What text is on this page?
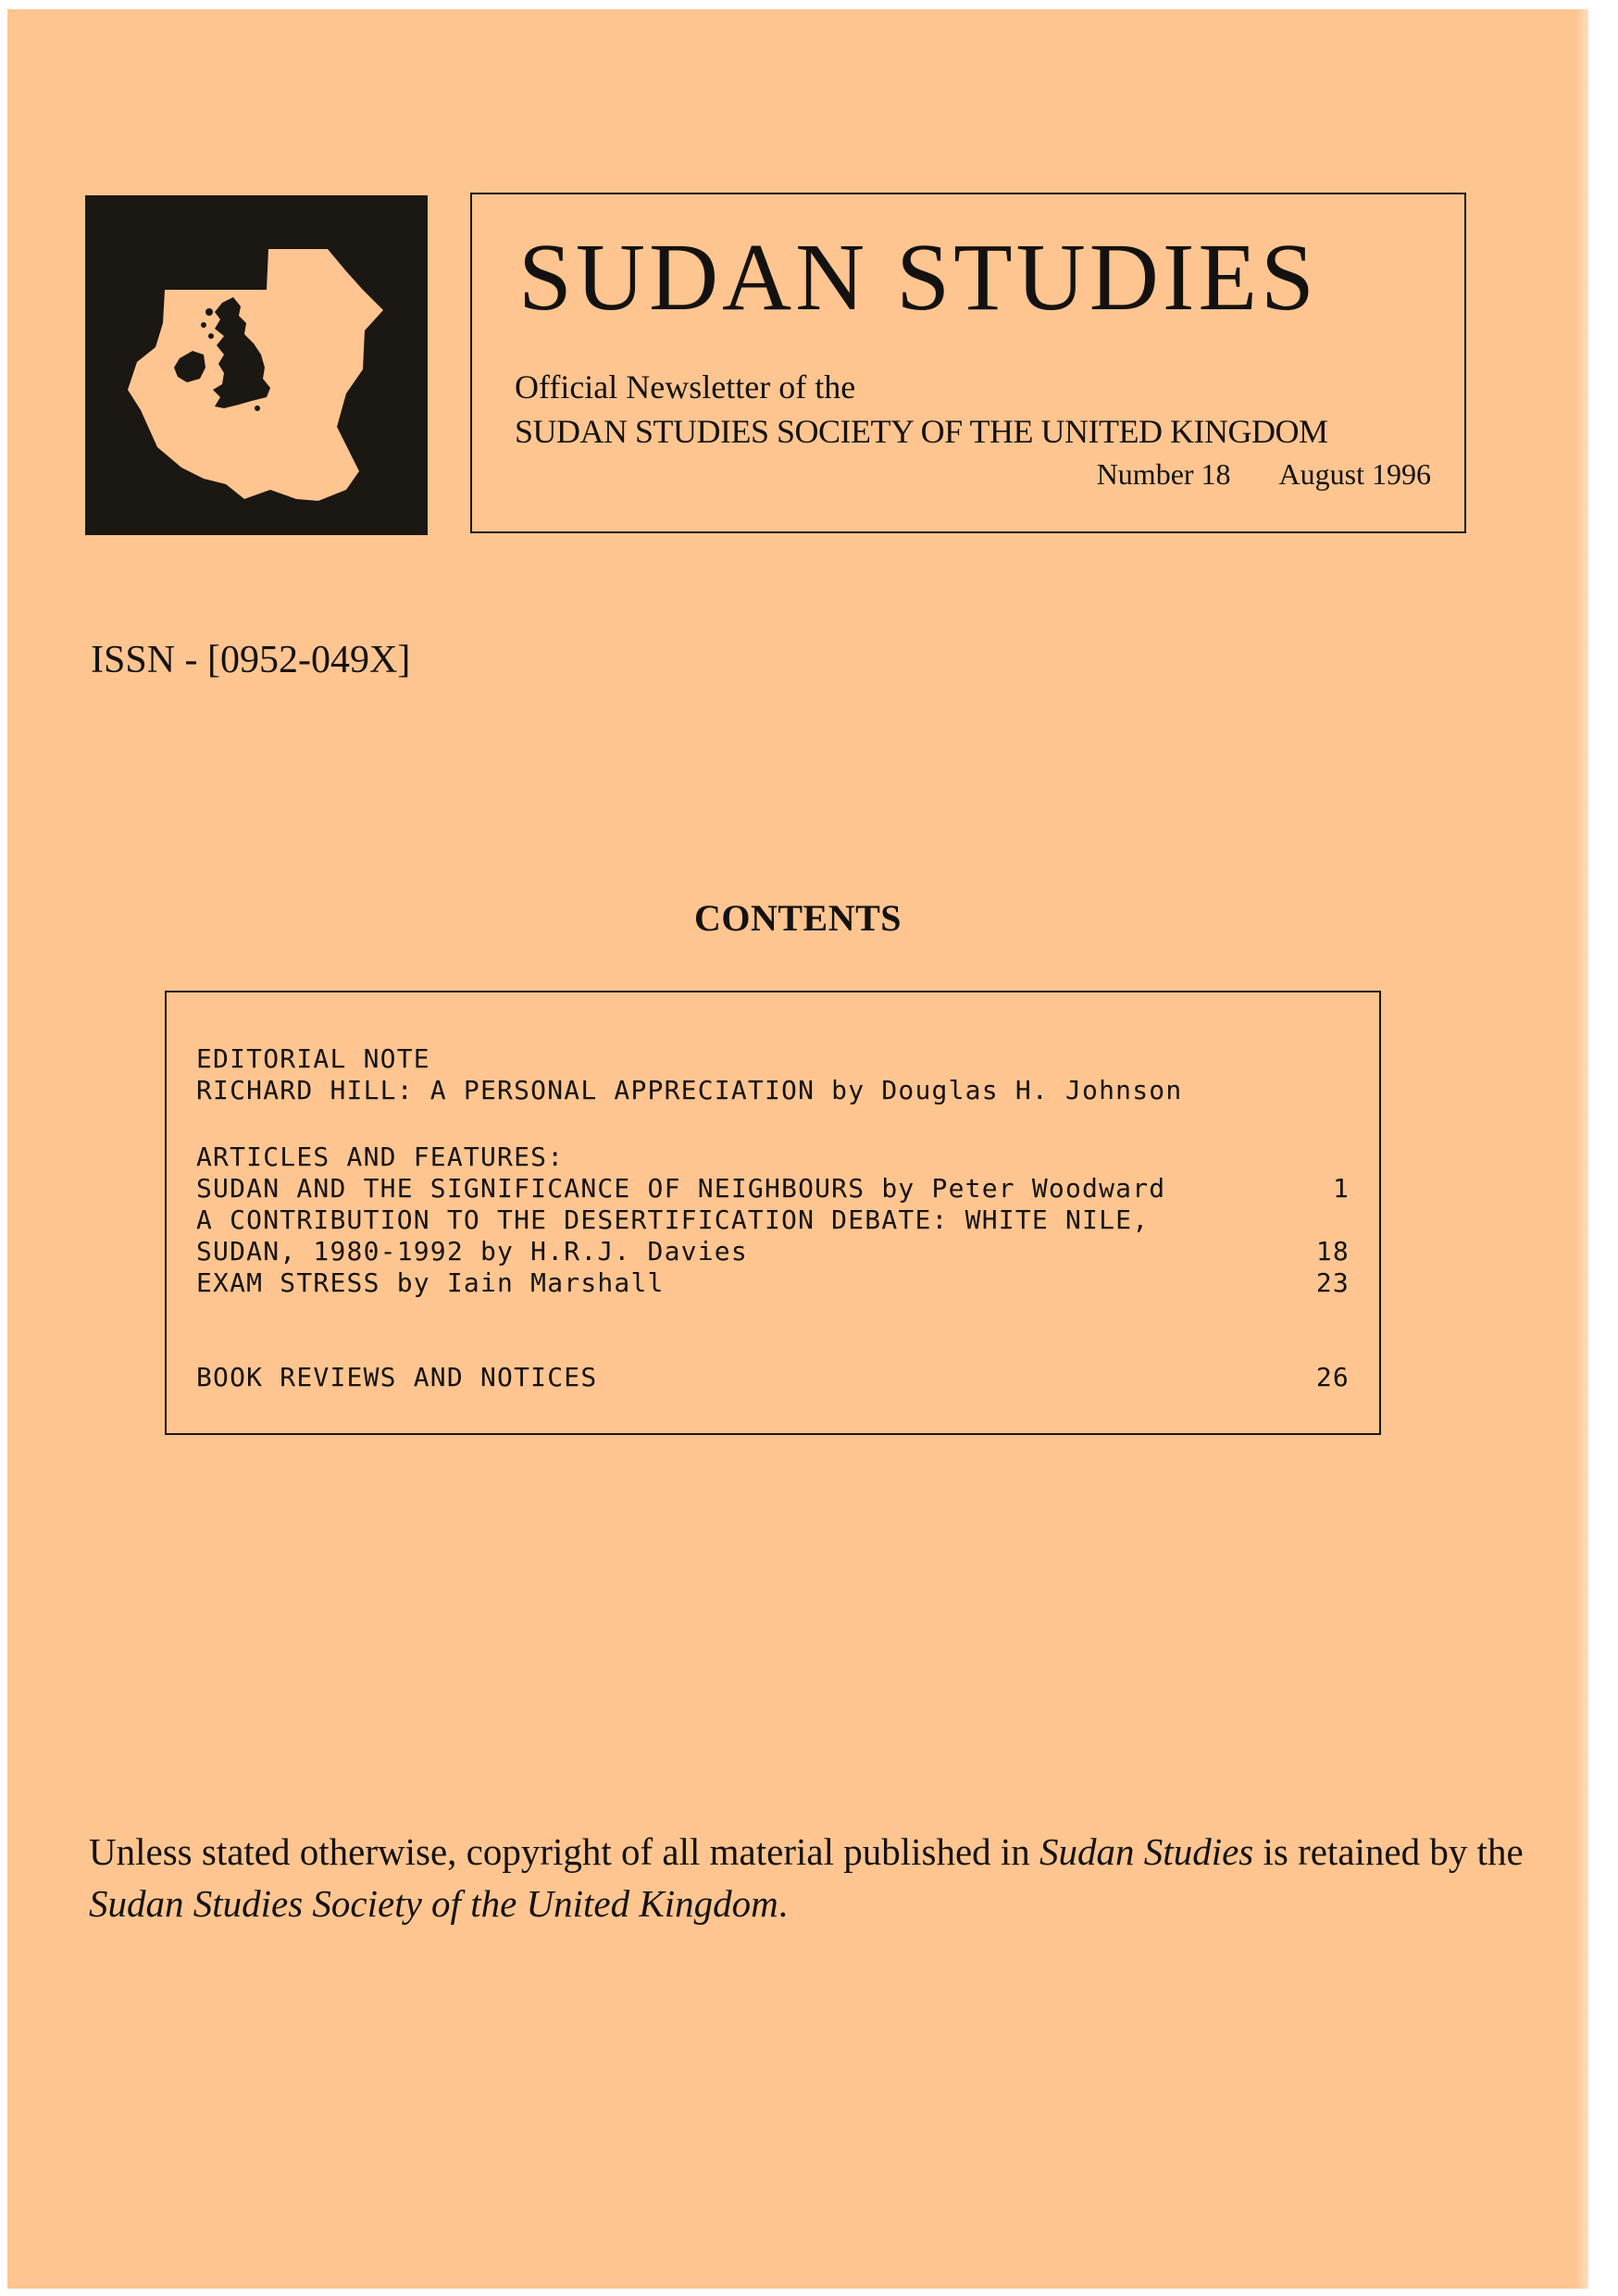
SUDAN STUDIES
Official Newsletter of the
SUDAN STUDIES SOCIETY OF THE UNITED KINGDOM
Number 18 August 1996
ISSN - [0952-049X]
CONTENTS
EDITORIAL NOTE
RICHARD HILL: A PERSONAL APPRECIATION by Douglas H. Johnson
ARTICLES AND FEATURES:
SUDAN AND THE SIGNIFICANCE OF NEIGHBOURS by Peter Woodward	1
A CONTRIBUTION TO THE DESERTIFICATION DEBATE: WHITE NILE,
SUDAN, 1980-1992 by H.R.J. Davies	18
EXAM STRESS by Iain Marshall	23
BOOK REVIEWS AND NOTICES	26
Unless stated otherwise, copyright of all material published in Sudan Studies is retained by the Sudan Studies Society of the United Kingdom.
